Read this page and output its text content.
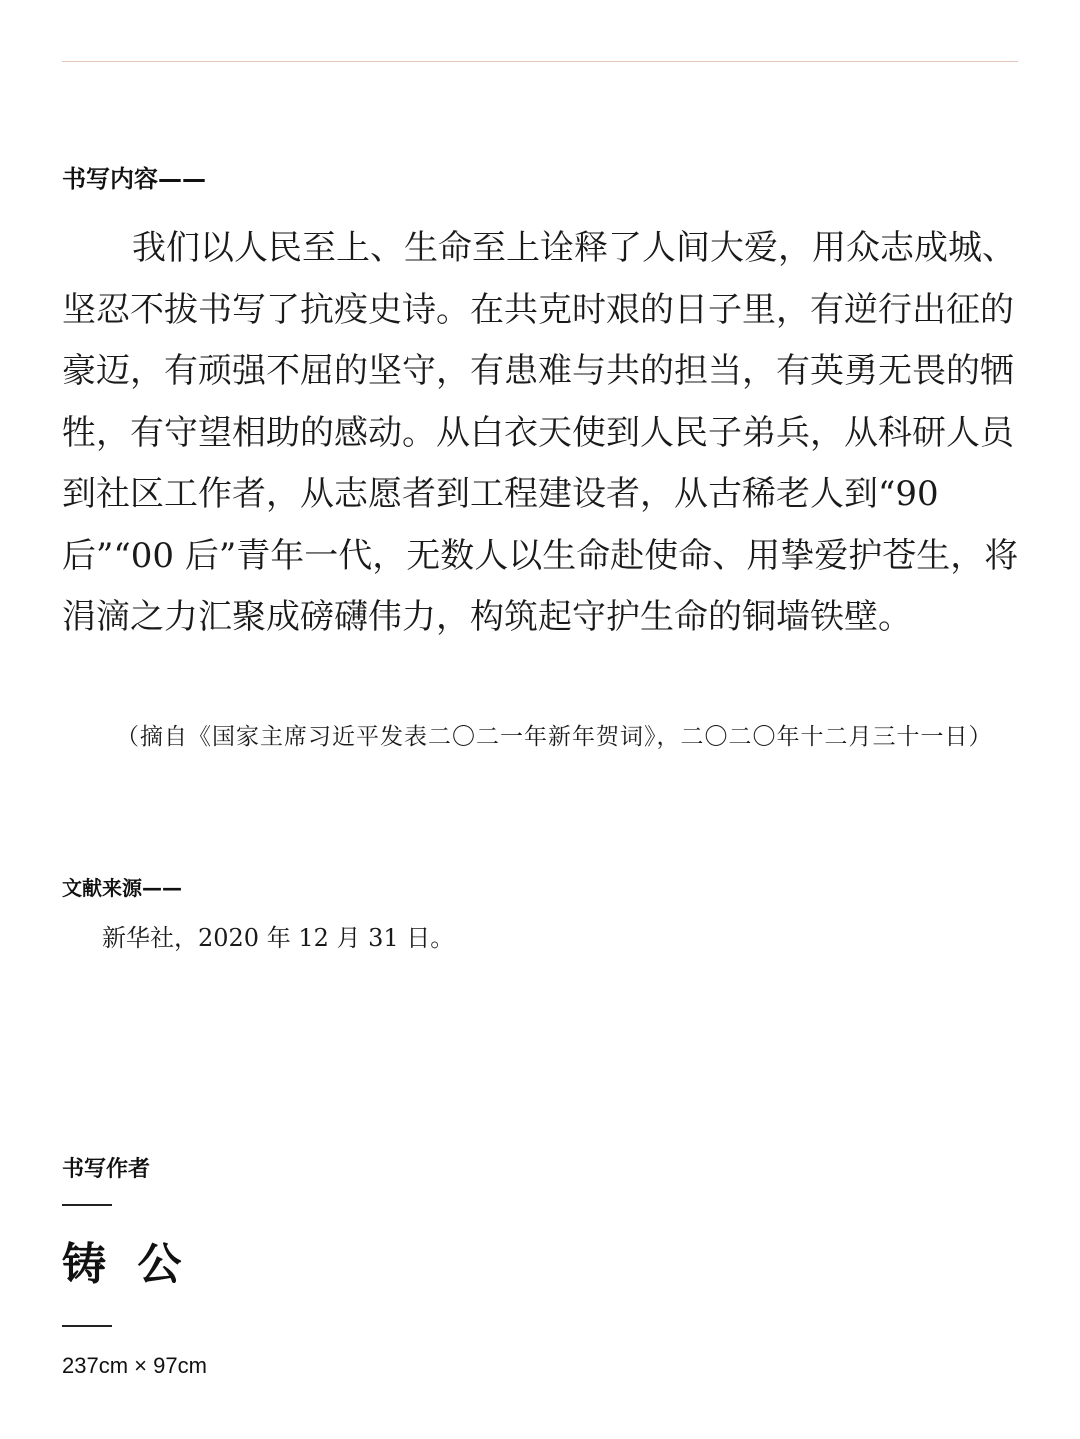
书写内容——

我们以人民至上、生命至上诠释了人间大爱，用众志成城、坚忍不拔书写了抗疫史诗。在共克时艰的日子里，有逆行出征的豪迈，有顽强不屈的坚守，有患难与共的担当，有英勇无畏的牺牲，有守望相助的感动。从白衣天使到人民子弟兵，从科研人员到社区工作者，从志愿者到工程建设者，从古稀老人到“90 后”“00 后”青年一代，无数人以生命赴使命、用挚爱护苍生，将涓滴之力汇聚成磅礴伟力，构筑起守护生命的铜墙铁壁。

（摘自《国家主席习近平发表二〇二一年新年贺词》，二〇二〇年十二月三十一日）

文献来源——

新华社，2020 年 12 月 31 日。

书写作者

铸 公

237cm × 97cm
